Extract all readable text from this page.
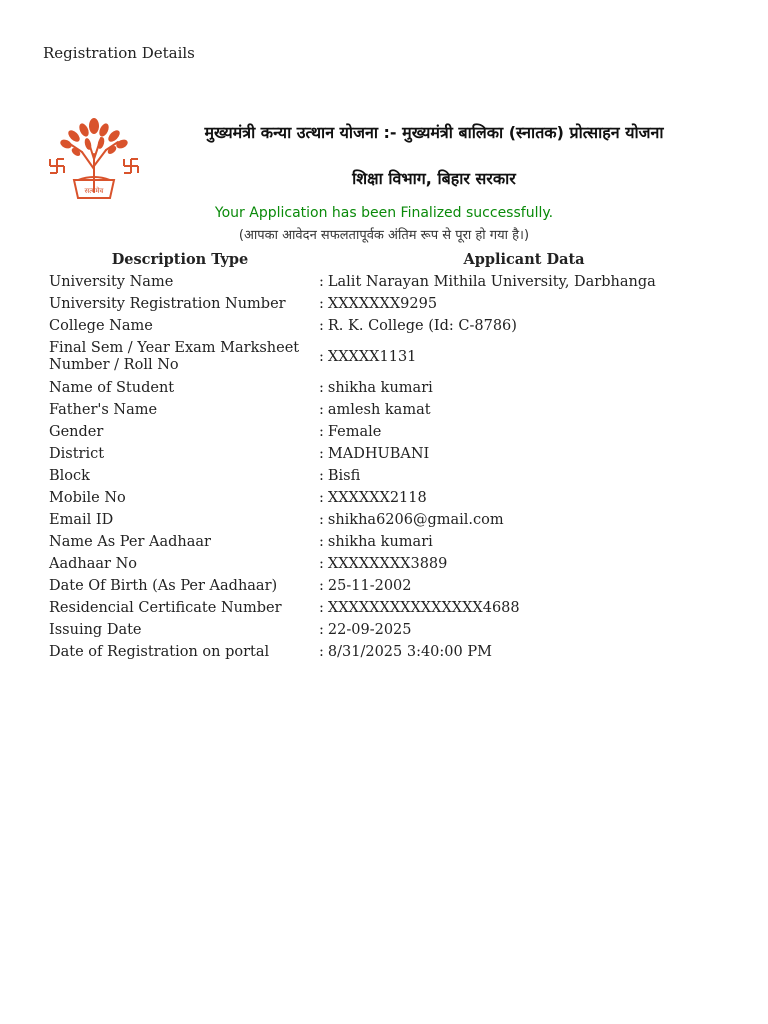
Registration Details
सत्यमेव
मुख्यमंत्री कन्या उत्थान योजना :- मुख्यमंत्री बालिका (स्नातक) प्रोत्साहन योजना
शिक्षा विभाग, बिहार सरकार
Your Application has been Finalized successfully.
(आपका आवेदन सफलतापूर्वक अंतिम रूप से पूरा हो गया है।)
Description Type	Applicant Data
University Name	: Lalit Narayan Mithila University, Darbhanga
University Registration Number	: XXXXXXX9295
College Name	: R. K. College (Id: C-8786)
Final Sem / Year Exam Marksheet Number / Roll No	: XXXXX1131
Name of Student	: shikha kumari
Father's Name	: amlesh kamat
Gender	: Female
District	: MADHUBANI
Block	: Bisfi
Mobile No	: XXXXXX2118
Email ID	: shikha6206@gmail.com
Name As Per Aadhaar	: shikha kumari
Aadhaar No	: XXXXXXXX3889
Date Of Birth (As Per Aadhaar)	: 25-11-2002
Residencial Certificate Number	: XXXXXXXXXXXXXXX4688
Issuing Date	: 22-09-2025
Date of Registration on portal	: 8/31/2025 3:40:00 PM
